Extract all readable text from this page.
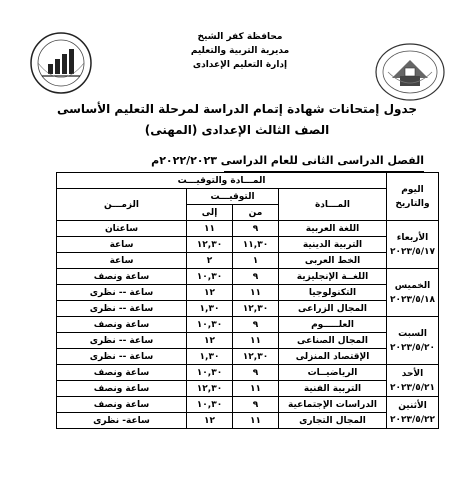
محافظة كفر الشيخ
مديرية التربية والتعليم
إدارة التعليم الإعدادى
جدول إمتحانات شهادة إتمام الدراسة لمرحلة التعليم الأساسى
الصف الثالث الإعدادى (المهنى)
الفصل الدراسى الثانى للعام الدراسى ٢٠٢٢/٢٠٢٣م
اليوم
والتاريخ	المـــادة والتوقيـــت			
	المـــادة	التوقيـــت		الزمـــن
		من	إلى	

الأربعاء
٢٠٢٣/٥/١٧	اللغة العربية	٩	١١	ساعتان
	التربية الدينية	١١,٣٠	١٢,٣٠	ساعة
	الخط العربى	١	٢	ساعة

الخميس
٢٠٢٣/٥/١٨	اللغــة الإنجليزية	٩	١٠,٣٠	ساعة ونصف
	التكنولوجيا	١١	١٢	ساعة -- نظرى
	المجال الزراعى	١٢,٣٠	١,٣٠	ساعة -- نظرى

السبت
٢٠٢٣/٥/٢٠	العلـــــوم	٩	١٠,٣٠	ساعة ونصف
	المجال الصناعى	١١	١٢	ساعة -- نظرى
	الإقتصاد المنزلى	١٢,٣٠	١,٣٠	ساعة -- نظرى

الأحد
٢٠٢٣/٥/٢١	الرياضيــات	٩	١٠,٣٠	ساعة ونصف
	التربية الفنية	١١	١٢,٣٠	ساعة ونصف

الأثنين
٢٠٢٣/٥/٢٢	الدراسات الإجتماعية	٩	١٠,٣٠	ساعة ونصف
	المجال التجارى	١١	١٢	ساعة- نظرى
